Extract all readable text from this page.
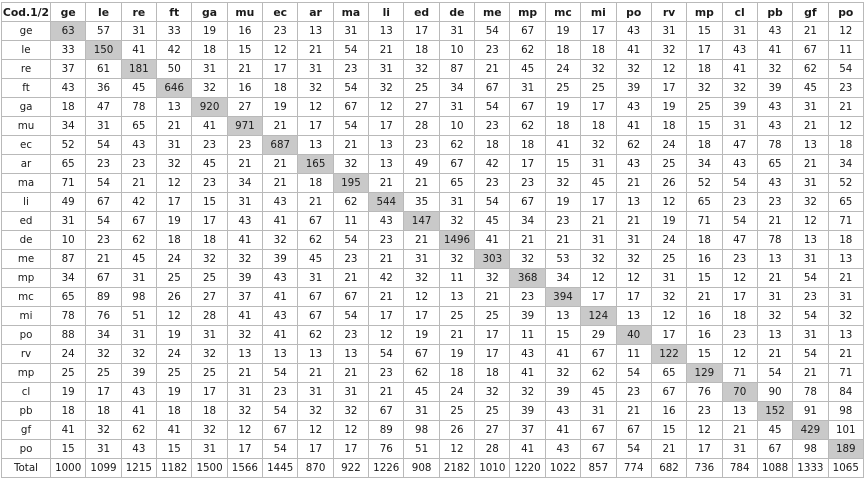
Cod.1/2	ge	le	re	ft	ga	mu	ec	ar	ma	li	ed	de	me	mp	mc	mi	po	rv	mp	cl	pb	gf	po
ge	63	57	31	33	19	16	23	13	31	13	17	31	54	67	19	17	43	31	15	31	43	21	12
le	33	150	41	42	18	15	12	21	54	21	18	10	23	62	18	18	41	32	17	43	41	67	11
re	37	61	181	50	31	21	17	31	23	31	32	87	21	45	24	32	32	12	18	41	32	62	54
ft	43	36	45	646	32	16	18	32	54	32	25	34	67	31	25	25	39	17	32	32	39	45	23
ga	18	47	78	13	920	27	19	12	67	12	27	31	54	67	19	17	43	19	25	39	43	31	21
mu	34	31	65	21	41	971	21	17	54	17	28	10	23	62	18	18	41	18	15	31	43	21	12
ec	52	54	43	31	23	23	687	13	21	13	23	62	18	18	41	32	62	24	18	47	78	13	18
ar	65	23	23	32	45	21	21	165	32	13	49	67	42	17	15	31	43	25	34	43	65	21	34
ma	71	54	21	12	23	34	21	18	195	21	21	65	23	23	32	45	21	26	52	54	43	31	52
li	49	67	42	17	15	31	43	21	62	544	35	31	54	67	19	17	13	12	65	23	23	32	65
ed	31	54	67	19	17	43	41	67	11	43	147	32	45	34	23	21	21	19	71	54	21	12	71
de	10	23	62	18	18	41	32	62	54	23	21	1496	41	21	21	31	31	24	18	47	78	13	18
me	87	21	45	24	32	32	39	45	23	21	31	32	303	32	53	32	32	25	16	23	13	31	13
mp	34	67	31	25	25	39	43	31	21	42	32	11	32	368	34	12	12	31	15	12	21	54	21
mc	65	89	98	26	27	37	41	67	67	21	12	13	21	23	394	17	17	32	21	17	31	23	31
mi	78	76	51	12	28	41	43	67	54	17	17	25	25	39	13	124	13	12	16	18	32	54	32
po	88	34	31	19	31	32	41	62	23	12	19	21	17	11	15	29	40	17	16	23	13	31	13
rv	24	32	32	24	32	13	13	13	13	54	67	19	17	43	41	67	11	122	15	12	21	54	21
mp	25	25	39	25	25	21	54	21	21	23	62	18	18	41	32	62	54	65	129	71	54	21	71
cl	19	17	43	19	17	31	23	31	31	21	45	24	32	32	39	45	23	67	76	70	90	78	84
pb	18	18	41	18	18	32	54	32	32	67	31	25	25	39	43	31	21	16	23	13	152	91	98
gf	41	32	62	41	32	12	67	12	12	89	98	26	27	37	41	67	67	15	12	21	45	429	101
po	15	31	43	15	31	17	54	17	17	76	51	12	28	41	43	67	54	21	17	31	67	98	189
Total	1000	1099	1215	1182	1500	1566	1445	870	922	1226	908	2182	1010	1220	1022	857	774	682	736	784	1088	1333	1065
